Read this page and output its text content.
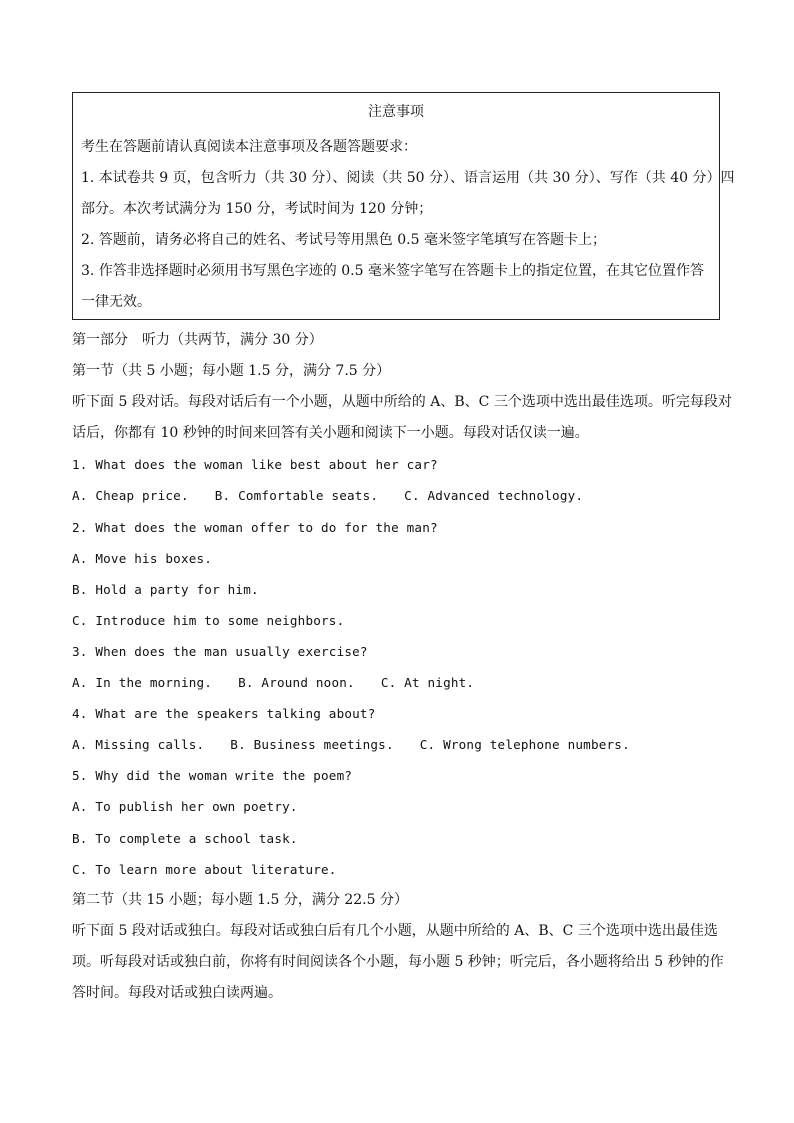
注意事项

考生在答题前请认真阅读本注意事项及各题答题要求：

1. 本试卷共 9 页，包含听力（共 30 分）、阅读（共 50 分）、语言运用（共 30 分）、写作（共 40 分）四

部分。本次考试满分为 150 分，考试时间为 120 分钟；

2. 答题前，请务必将自己的姓名、考试号等用黑色 0.5 毫米签字笔填写在答题卡上；

3. 作答非选择题时必须用书写黑色字迹的 0.5 毫米签字笔写在答题卡上的指定位置，在其它位置作答

一律无效。

第一部分　听力（共两节，满分 30 分）

第一节（共 5 小题；每小题 1.5 分，满分 7.5 分）

听下面 5 段对话。每段对话后有一个小题，从题中所给的 A、B、C 三个选项中选出最佳选项。听完每段对

话后，你都有 10 秒钟的时间来回答有关小题和阅读下一小题。每段对话仅读一遍。

1. What does the woman like best about her car?

A. Cheap price. B. Comfortable seats. C. Advanced technology.

2. What does the woman offer to do for the man?

A. Move his boxes.

B. Hold a party for him.

C. Introduce him to some neighbors.

3. When does the man usually exercise?

A. In the morning. B. Around noon. C. At night.

4. What are the speakers talking about?

A. Missing calls. B. Business meetings. C. Wrong telephone numbers.

5. Why did the woman write the poem?

A. To publish her own poetry.

B. To complete a school task.

C. To learn more about literature.

第二节（共 15 小题；每小题 1.5 分，满分 22.5 分）

听下面 5 段对话或独白。每段对话或独白后有几个小题，从题中所给的 A、B、C 三个选项中选出最佳选

项。听每段对话或独白前，你将有时间阅读各个小题，每小题 5 秒钟；听完后，各小题将给出 5 秒钟的作

答时间。每段对话或独白读两遍。
